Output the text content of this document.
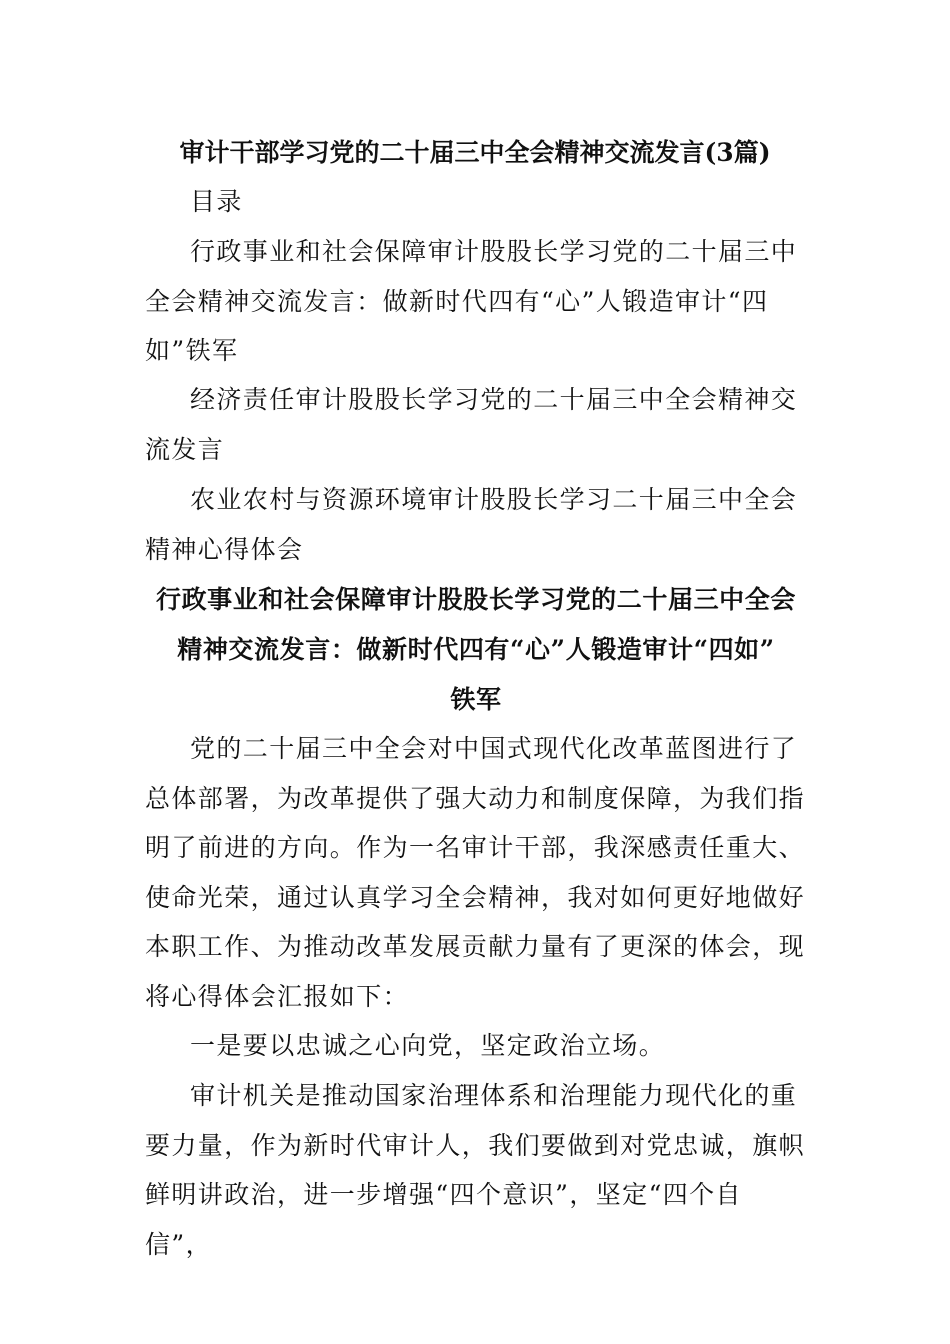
审计干部学习党的二十届三中全会精神交流发言(3篇)
目录
行政事业和社会保障审计股股长学习党的二十届三中全会精神交流发言：做新时代四有“心”人锻造审计“四如”铁军
经济责任审计股股长学习党的二十届三中全会精神交流发言
农业农村与资源环境审计股股长学习二十届三中全会精神心得体会
行政事业和社会保障审计股股长学习党的二十届三中全会
精神交流发言：做新时代四有“心”人锻造审计“四如”
铁军
党的二十届三中全会对中国式现代化改革蓝图进行了总体部署，为改革提供了强大动力和制度保障，为我们指明了前进的方向。作为一名审计干部，我深感责任重大、使命光荣，通过认真学习全会精神，我对如何更好地做好本职工作、为推动改革发展贡献力量有了更深的体会，现将心得体会汇报如下：
一是要以忠诚之心向党，坚定政治立场。
审计机关是推动国家治理体系和治理能力现代化的重要力量，作为新时代审计人，我们要做到对党忠诚，旗帜鲜明讲政治，进一步增强“四个意识”，坚定“四个自信”，
